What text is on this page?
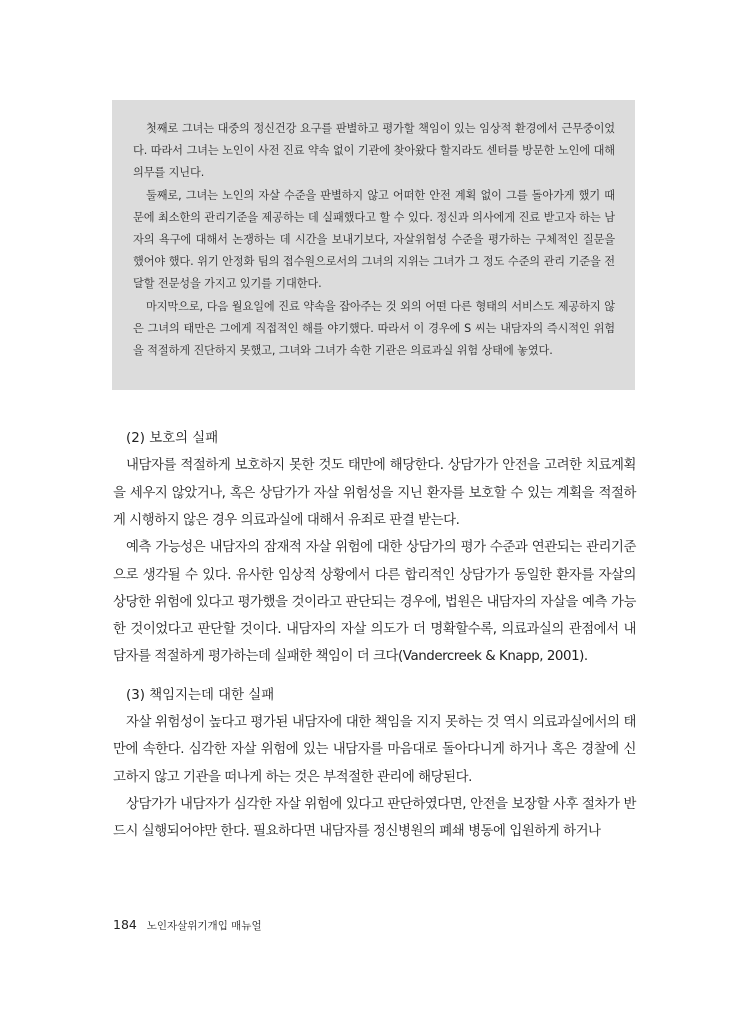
첫째로 그녀는 대중의 정신건강 요구를 판별하고 평가할 책임이 있는 임상적 환경에서 근무중이었다. 따라서 그녀는 노인이 사전 진료 약속 없이 기관에 찾아왔다 할지라도 센터를 방문한 노인에 대해 의무를 지닌다.

둘째로, 그녀는 노인의 자살 수준을 판별하지 않고 어떠한 안전 계획 없이 그를 돌아가게 했기 때문에 최소한의 관리기준을 제공하는 데 실패했다고 할 수 있다. 정신과 의사에게 진료 받고자 하는 남자의 욕구에 대해서 논쟁하는 데 시간을 보내기보다, 자살위험성 수준을 평가하는 구체적인 질문을 했어야 했다. 위기 안정화 팀의 접수원으로서의 그녀의 지위는 그녀가 그 정도 수준의 관리 기준을 전달할 전문성을 가지고 있기를 기대한다.

마지막으로, 다음 월요일에 진료 약속을 잡아주는 것 외의 어떤 다른 형태의 서비스도 제공하지 않은 그녀의 태만은 그에게 직접적인 해를 야기했다. 따라서 이 경우에 S 씨는 내담자의 즉시적인 위험을 적절하게 진단하지 못했고, 그녀와 그녀가 속한 기관은 의료과실 위험 상태에 놓였다.

(2) 보호의 실패

내담자를 적절하게 보호하지 못한 것도 태만에 해당한다. 상담가가 안전을 고려한 치료계획을 세우지 않았거나, 혹은 상담가가 자살 위험성을 지닌 환자를 보호할 수 있는 계획을 적절하게 시행하지 않은 경우 의료과실에 대해서 유죄로 판결 받는다.

예측 가능성은 내담자의 잠재적 자살 위험에 대한 상담가의 평가 수준과 연관되는 관리기준으로 생각될 수 있다. 유사한 임상적 상황에서 다른 합리적인 상담가가 동일한 환자를 자살의 상당한 위험에 있다고 평가했을 것이라고 판단되는 경우에, 법원은 내담자의 자살을 예측 가능한 것이었다고 판단할 것이다. 내담자의 자살 의도가 더 명확할수록, 의료과실의 관점에서 내담자를 적절하게 평가하는데 실패한 책임이 더 크다(Vandercreek & Knapp, 2001).

(3) 책임지는데 대한 실패

자살 위험성이 높다고 평가된 내담자에 대한 책임을 지지 못하는 것 역시 의료과실에서의 태만에 속한다. 심각한 자살 위험에 있는 내담자를 마음대로 돌아다니게 하거나 혹은 경찰에 신고하지 않고 기관을 떠나게 하는 것은 부적절한 관리에 해당된다.

상담가가 내담자가 심각한 자살 위험에 있다고 판단하였다면, 안전을 보장할 사후 절차가 반드시 실행되어야만 한다. 필요하다면 내담자를 정신병원의 폐쇄 병동에 입원하게 하거나

184 노인자살위기개입 매뉴얼
